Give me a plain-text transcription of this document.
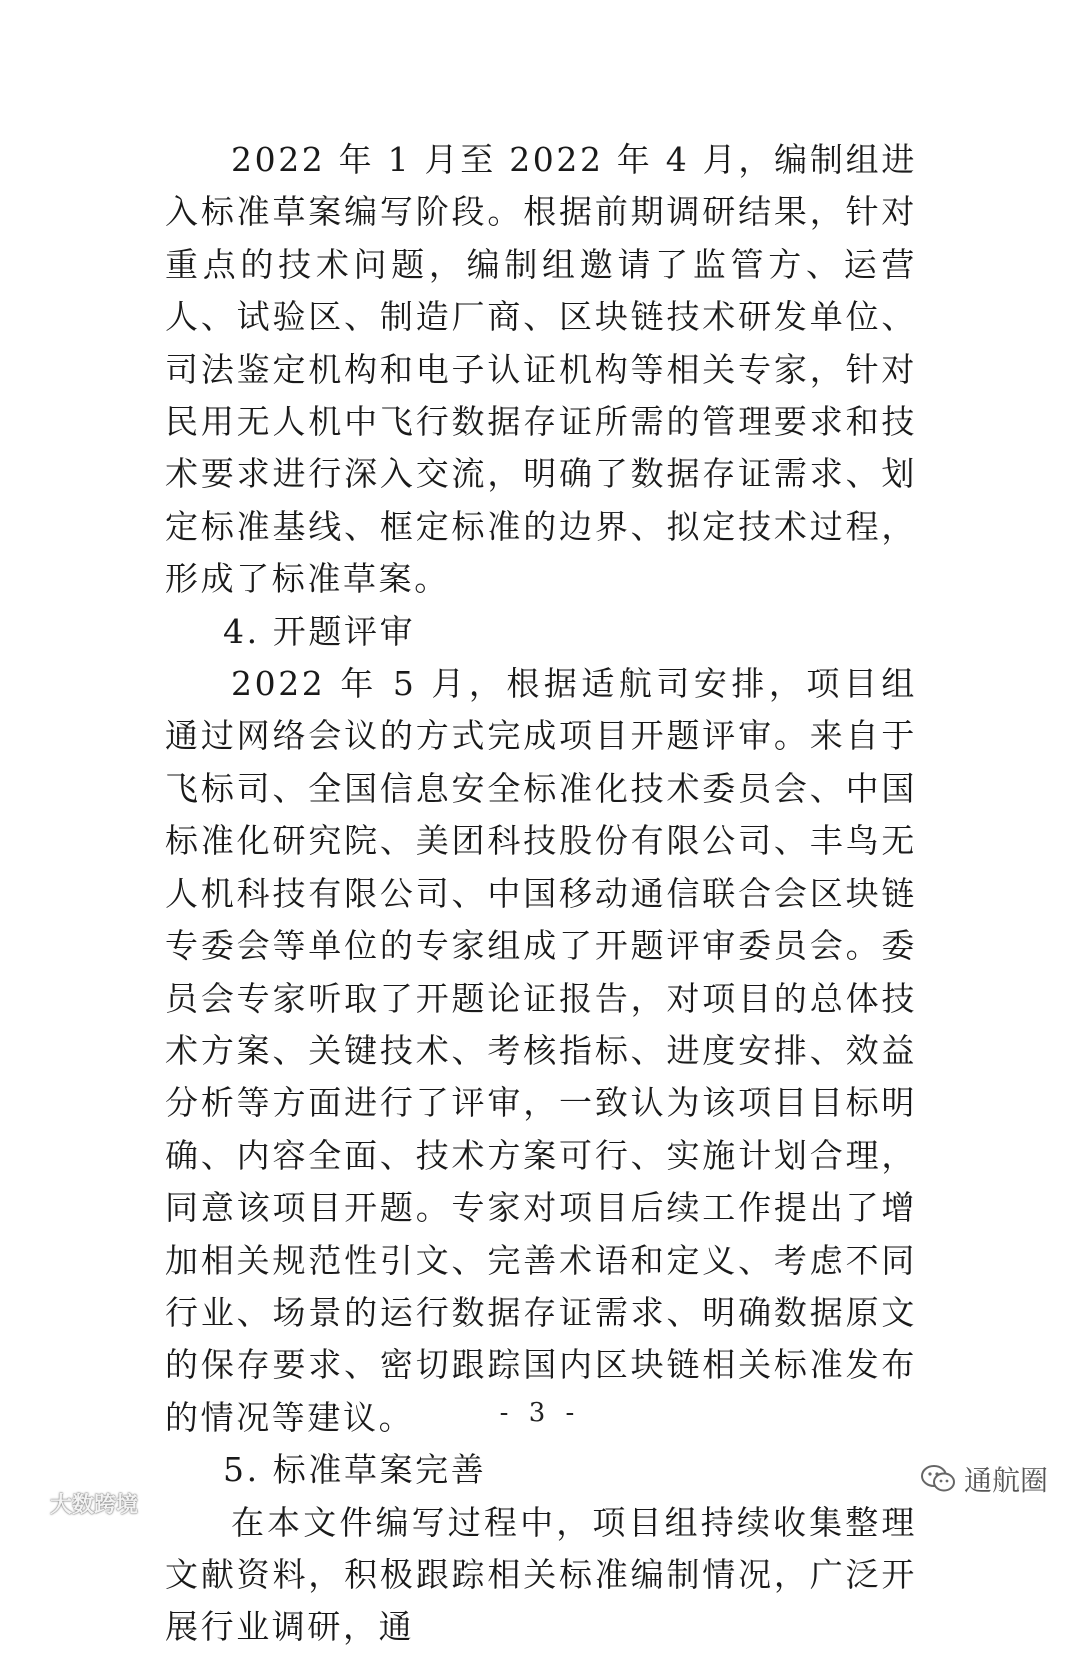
2022 年 1 月至 2022 年 4 月，编制组进入标准草案编写阶段。根据前期调研结果，针对重点的技术问题，编制组邀请了监管方、运营人、试验区、制造厂商、区块链技术研发单位、司法鉴定机构和电子认证机构等相关专家，针对民用无人机中飞行数据存证所需的管理要求和技术要求进行深入交流，明确了数据存证需求、划定标准基线、框定标准的边界、拟定技术过程，形成了标准草案。

4. 开题评审

2022 年 5 月，根据适航司安排，项目组通过网络会议的方式完成项目开题评审。来自于飞标司、全国信息安全标准化技术委员会、中国标准化研究院、美团科技股份有限公司、丰鸟无人机科技有限公司、中国移动通信联合会区块链专委会等单位的专家组成了开题评审委员会。委员会专家听取了开题论证报告，对项目的总体技术方案、关键技术、考核指标、进度安排、效益分析等方面进行了评审，一致认为该项目目标明确、内容全面、技术方案可行、实施计划合理，同意该项目开题。专家对项目后续工作提出了增加相关规范性引文、完善术语和定义、考虑不同行业、场景的运行数据存证需求、明确数据原文的保存要求、密切跟踪国内区块链相关标准发布的情况等建议。

5. 标准草案完善

在本文件编写过程中，项目组持续收集整理文献资料，积极跟踪相关标准编制情况，广泛开展行业调研，通

- 3 -
大数跨境
通航圈
